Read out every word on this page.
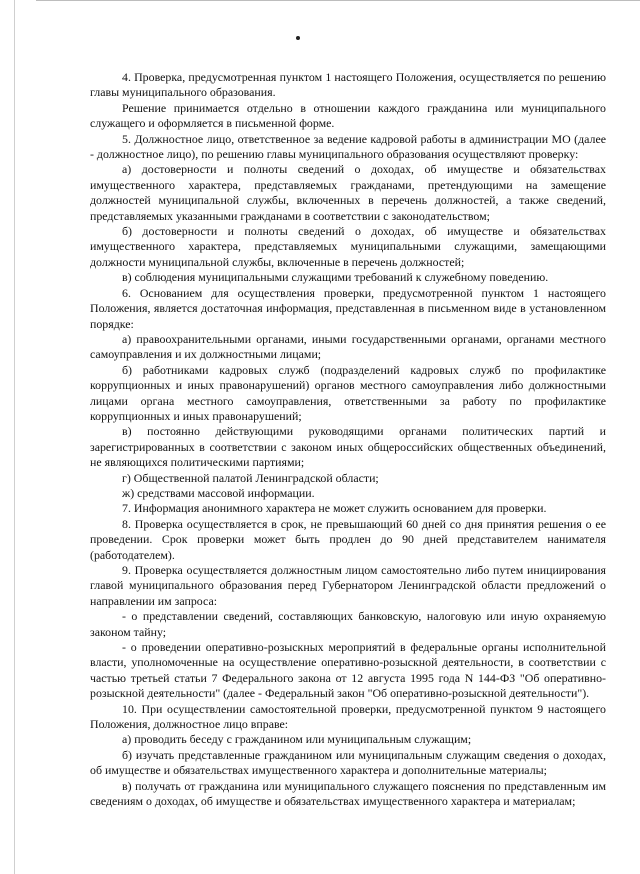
4. Проверка, предусмотренная пунктом 1 настоящего Положения, осуществляется по решению главы муниципального образования.

Решение принимается отдельно в отношении каждого гражданина или муниципального служащего и оформляется в письменной форме.

5. Должностное лицо, ответственное за ведение кадровой работы в администрации МО (далее - должностное лицо), по решению главы муниципального образования осуществляют проверку:

а) достоверности и полноты сведений о доходах, об имуществе и обязательствах имущественного характера, представляемых гражданами, претендующими на замещение должностей муниципальной службы, включенных в перечень должностей, а также сведений, представляемых указанными гражданами в соответствии с законодательством;

б) достоверности и полноты сведений о доходах, об имуществе и обязательствах имущественного характера, представляемых муниципальными служащими, замещающими должности муниципальной службы, включенные в перечень должностей;

в) соблюдения муниципальными служащими требований к служебному поведению.

6. Основанием для осуществления проверки, предусмотренной пунктом 1 настоящего Положения, является достаточная информация, представленная в письменном виде в установленном порядке:

а) правоохранительными органами, иными государственными органами, органами местного самоуправления и их должностными лицами;

б) работниками кадровых служб (подразделений кадровых служб по профилактике коррупционных и иных правонарушений) органов местного самоуправления либо должностными лицами органа местного самоуправления, ответственными за работу по профилактике коррупционных и иных правонарушений;

в) постоянно действующими руководящими органами политических партий и зарегистрированных в соответствии с законом иных общероссийских общественных объединений, не являющихся политическими партиями;

г) Общественной палатой Ленинградской области;

ж) средствами массовой информации.

7. Информация анонимного характера не может служить основанием для проверки.

8. Проверка осуществляется в срок, не превышающий 60 дней со дня принятия решения о ее проведении. Срок проверки может быть продлен до 90 дней представителем нанимателя (работодателем).

9. Проверка осуществляется должностным лицом самостоятельно либо путем инициирования главой муниципального образования перед Губернатором Ленинградской области предложений о направлении им запроса:

- о представлении сведений, составляющих банковскую, налоговую или иную охраняемую законом тайну;

- о проведении оперативно-розыскных мероприятий в федеральные органы исполнительной власти, уполномоченные на осуществление оперативно-розыскной деятельности, в соответствии с частью третьей статьи 7 Федерального закона от 12 августа 1995 года N 144-ФЗ "Об оперативно-розыскной деятельности" (далее - Федеральный закон "Об оперативно-розыскной деятельности").

10. При осуществлении самостоятельной проверки, предусмотренной пунктом 9 настоящего Положения, должностное лицо вправе:

а) проводить беседу с гражданином или муниципальным служащим;

б) изучать представленные гражданином или муниципальным служащим сведения о доходах, об имуществе и обязательствах имущественного характера и дополнительные материалы;

в) получать от гражданина или муниципального служащего пояснения по представленным им сведениям о доходах, об имуществе и обязательствах имущественного характера и материалам;
